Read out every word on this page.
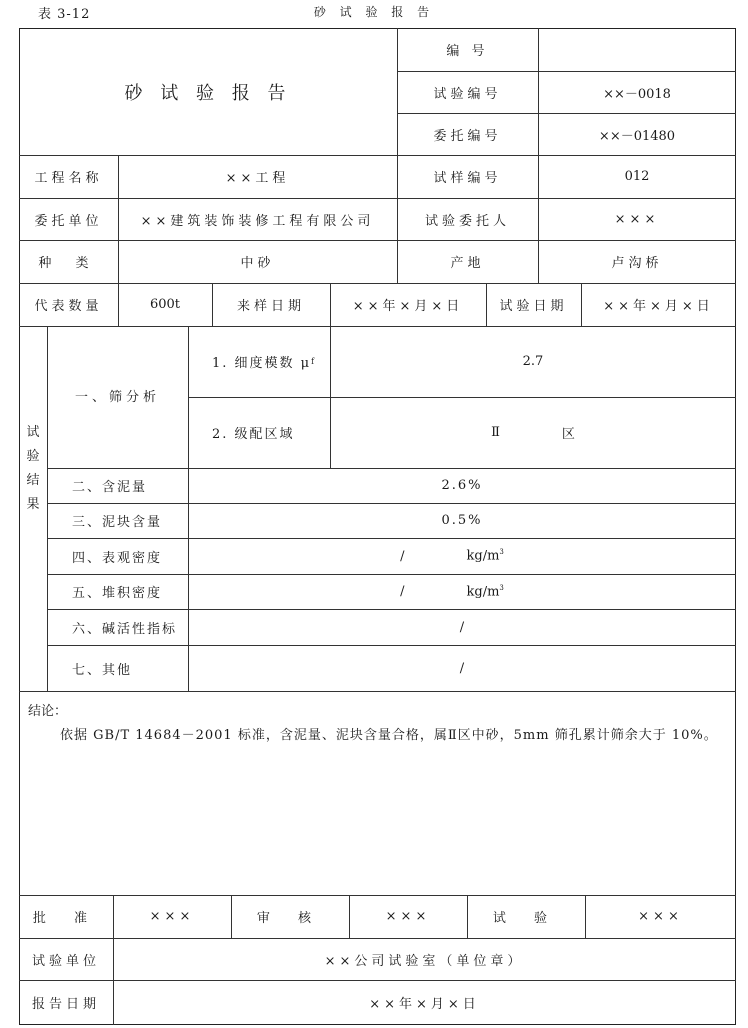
表 3-12	砂 试 验 报 告
砂 试 验 报 告
编 号
试验编号	××－0018
委托编号	××－01480
工程名称	××工程	试样编号	012
委托单位	××建筑装饰装修工程有限公司	试验委托人	×××
种 类	中砂	产地	卢沟桥
代表数量	600t	来样日期	××年×月×日	试验日期	××年×月×日
试
验
结
果
一、筛分析
1. 细度模数 μ f	2.7
2. 级配区域	Ⅱ	区
二、含泥量	2.6%
三、泥块含量	0.5%
四、表观密度	/	$kg/m^3$
五、堆积密度	/	$kg/m^3$
六、碱活性指标	/
七、其他	/
结论：
依据 GB/T 14684－2001 标准，含泥量、泥块含量合格，属Ⅱ区中砂，5mm 筛孔累计筛余大于 10%。
批 准	×××	审 核	×××	试 验	×××
试验单位	××公司试验室（单位章）
报告日期	××年×月×日
